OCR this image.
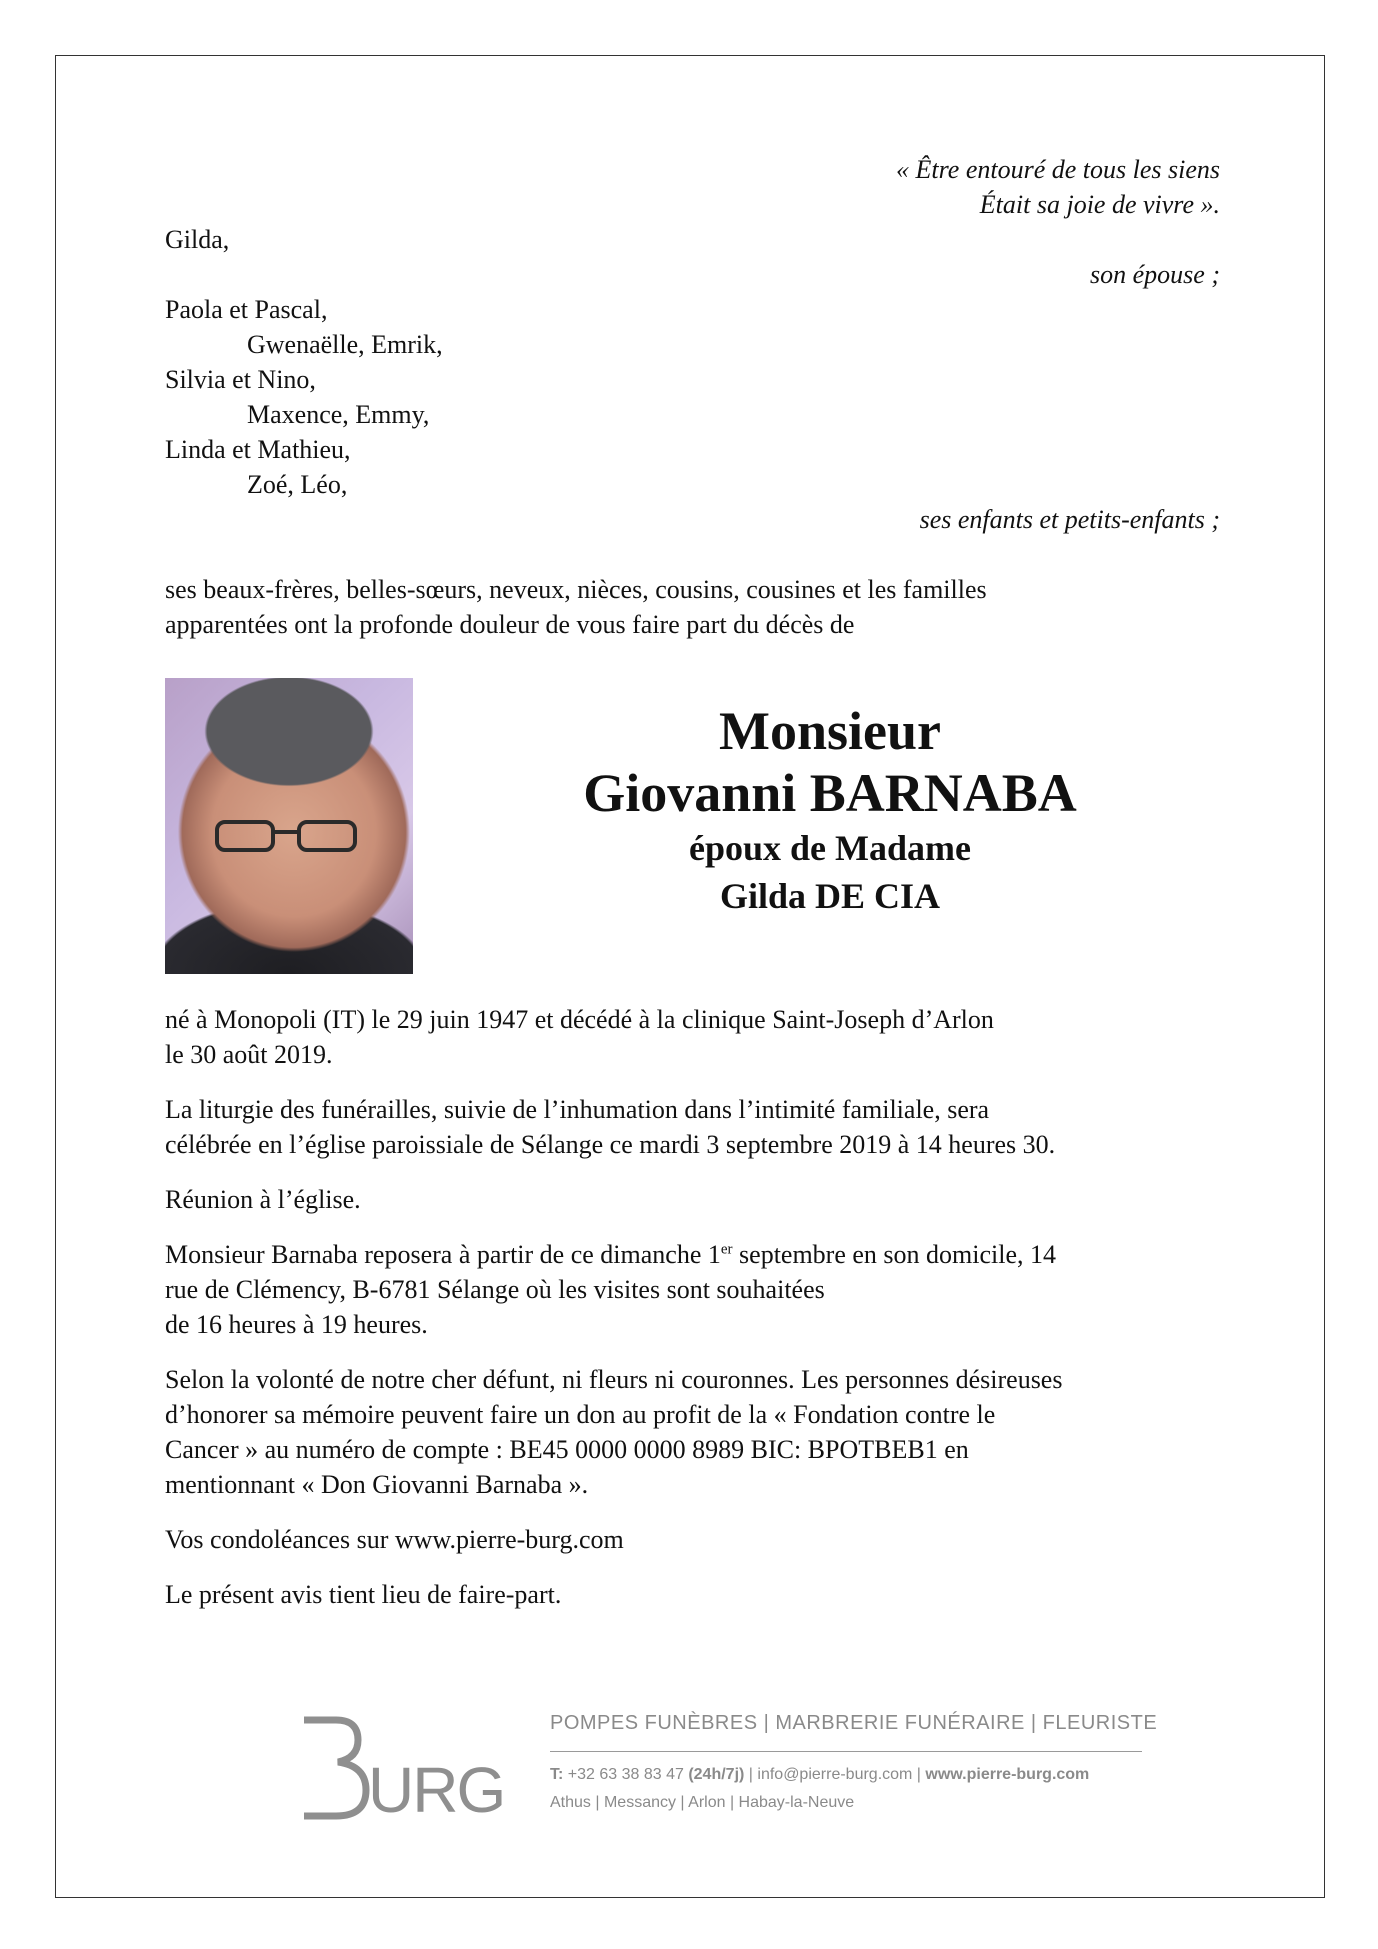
« Être entouré de tous les siens
Était sa joie de vivre ».
Gilda,
son épouse ;
Paola et Pascal,
Gwenaëlle, Emrik,
Silvia et Nino,
Maxence, Emmy,
Linda et Mathieu,
Zoé, Léo,
ses enfants et petits-enfants ;
ses beaux-frères, belles-sœurs, neveux, nièces, cousins, cousines et les familles
apparentées ont la profonde douleur de vous faire part du décès de
Monsieur
Giovanni BARNABA
époux de Madame
Gilda DE CIA

né à Monopoli (IT) le 29 juin 1947 et décédé à la clinique Saint-Joseph d’Arlon
le 30 août 2019.

La liturgie des funérailles, suivie de l’inhumation dans l’intimité familiale, sera
célébrée en l’église paroissiale de Sélange ce mardi 3 septembre 2019 à 14 heures 30.

Réunion à l’église.

Monsieur Barnaba reposera à partir de ce dimanche 1er septembre en son domicile, 14
rue de Clémency, B-6781 Sélange où les visites sont souhaitées
de 16 heures à 19 heures.

Selon la volonté de notre cher défunt, ni fleurs ni couronnes. Les personnes désireuses
d’honorer sa mémoire peuvent faire un don au profit de la « Fondation contre le
Cancer » au numéro de compte : BE45 0000 0000 8989 BIC: BPOTBEB1 en
mentionnant « Don Giovanni Barnaba ».

Vos condoléances sur www.pierre-burg.com

Le présent avis tient lieu de faire-part.

URG
POMPES FUNÈBRES | MARBRERIE FUNÉRAIRE | FLEURISTE
T: +32 63 38 83 47 (24h/7j) | info@pierre-burg.com | www.pierre-burg.com
Athus | Messancy | Arlon | Habay-la-Neuve
